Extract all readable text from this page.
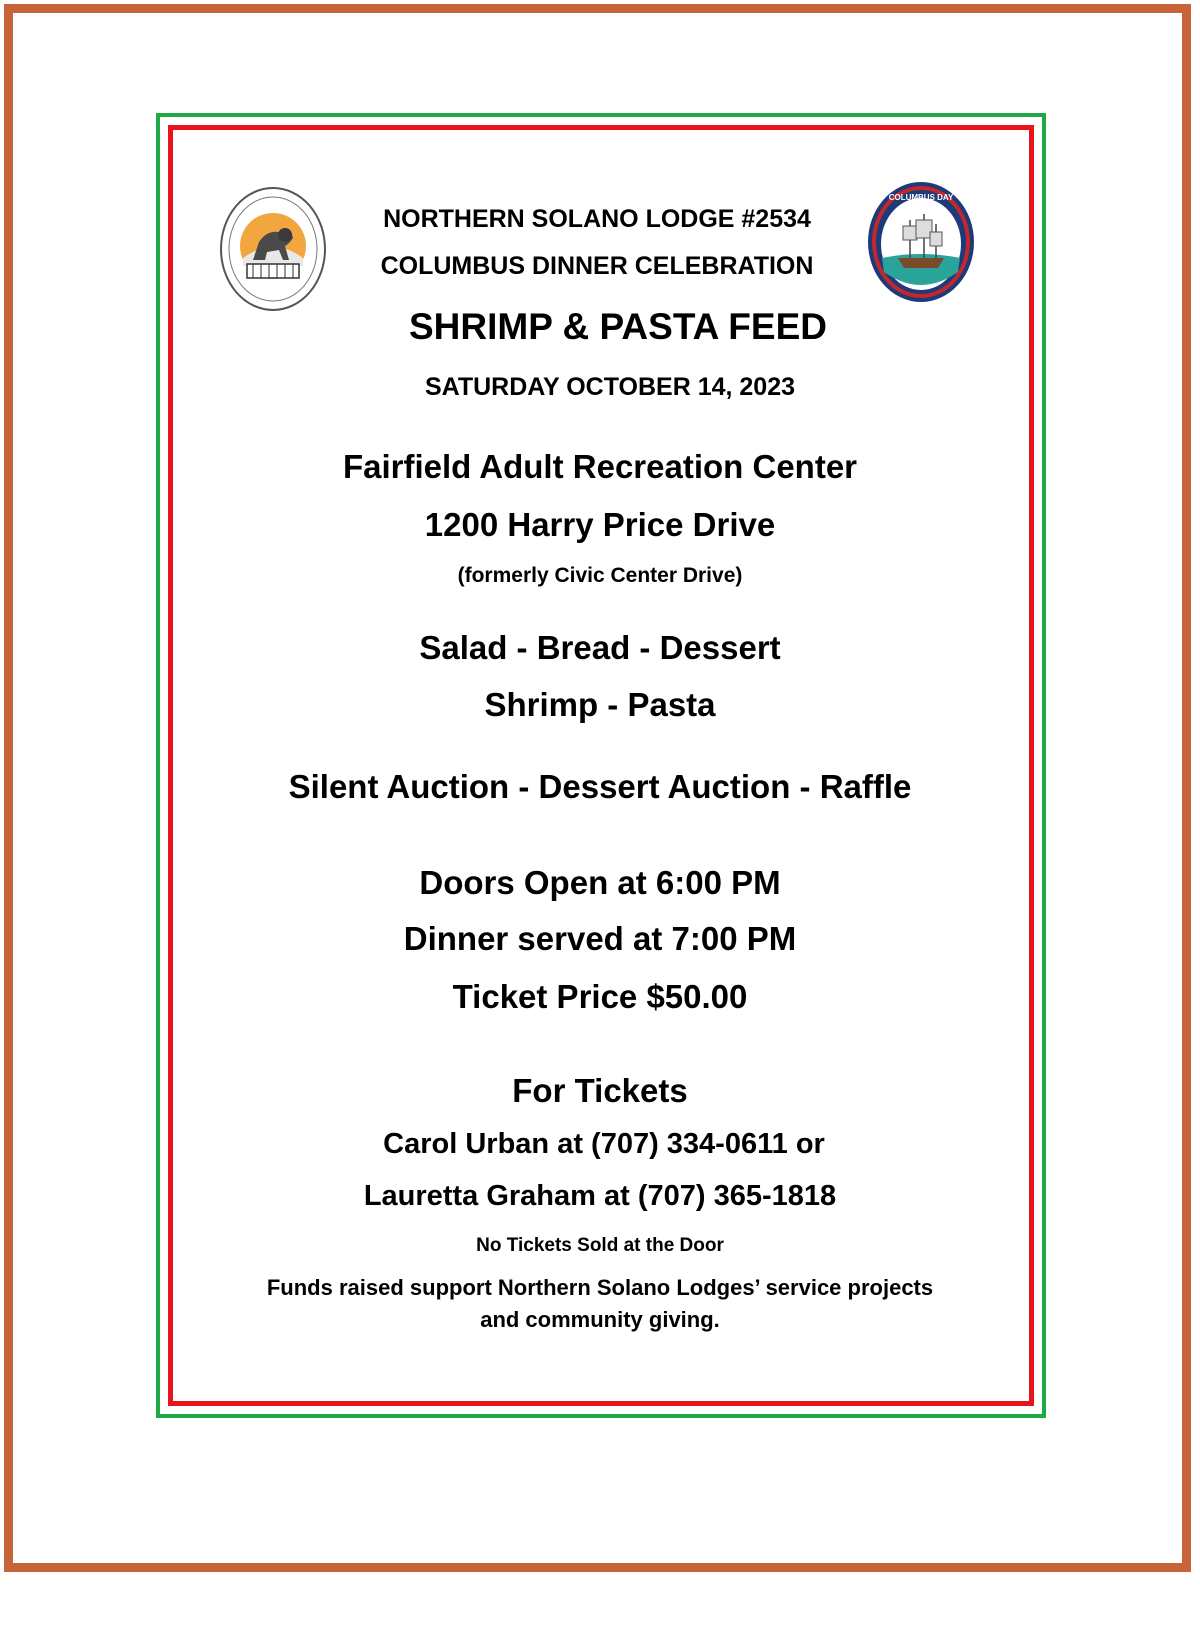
COLUMBUS DAY
NORTHERN SOLANO LODGE #2534
COLUMBUS DINNER CELEBRATION
SHRIMP & PASTA FEED
SATURDAY OCTOBER 14, 2023
Fairfield Adult Recreation Center
1200 Harry Price Drive
(formerly Civic Center Drive)
Salad - Bread - Dessert
Shrimp - Pasta
Silent Auction - Dessert Auction - Raffle
Doors Open at 6:00 PM
Dinner served at 7:00 PM
Ticket Price $50.00
For Tickets
Carol Urban at (707) 334-0611 or
Lauretta Graham at (707) 365-1818
No Tickets Sold at the Door
Funds raised support Northern Solano Lodges’ service projects
and community giving.
